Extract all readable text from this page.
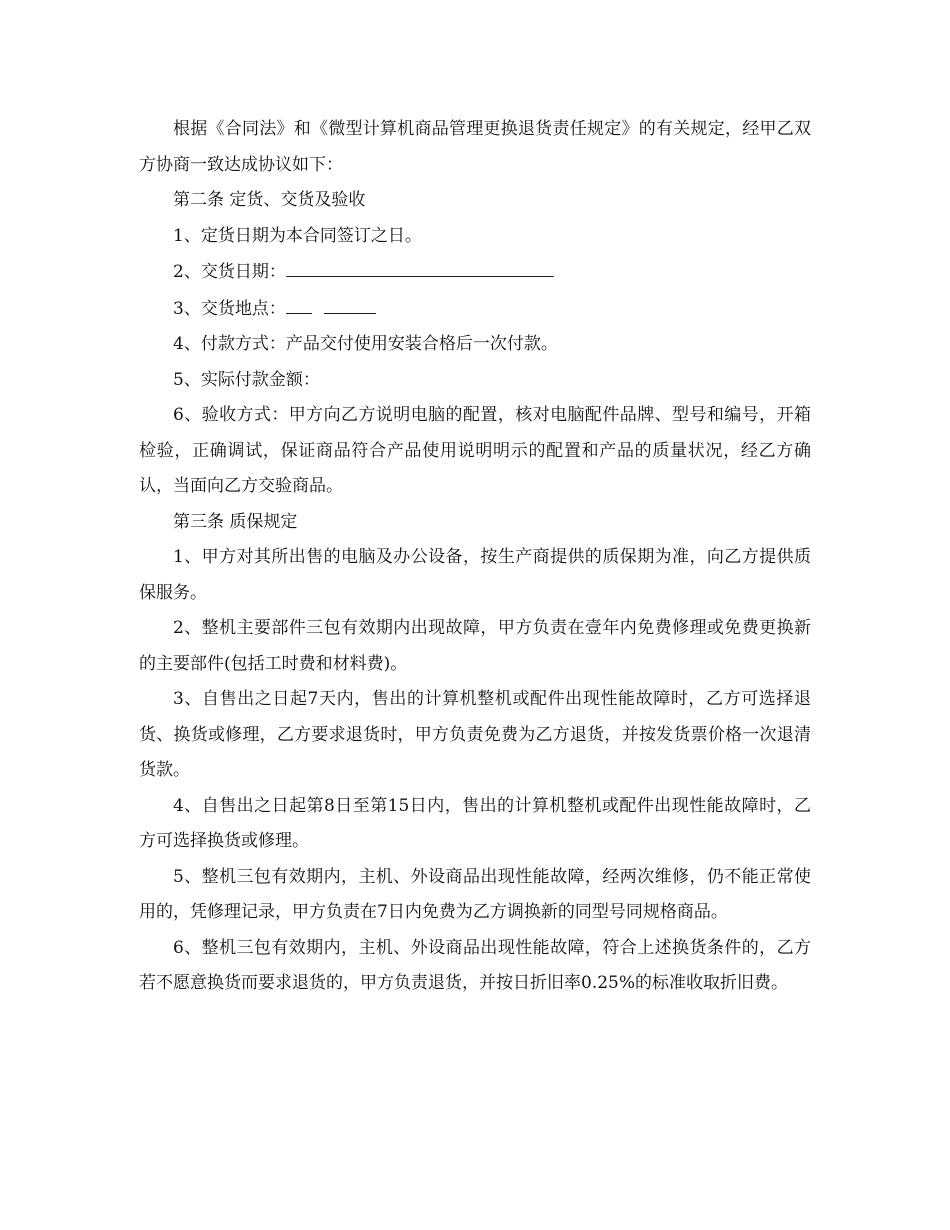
根据《合同法》和《微型计算机商品管理更换退货责任规定》的有关规定，经甲乙双方协商一致达成协议如下：

第二条 定货、交货及验收

1、定货日期为本合同签订之日。

2、交货日期：

3、交货地点：

4、付款方式：产品交付使用安装合格后一次付款。

5、实际付款金额：

6、验收方式：甲方向乙方说明电脑的配置，核对电脑配件品牌、型号和编号，开箱检验，正确调试，保证商品符合产品使用说明明示的配置和产品的质量状况，经乙方确认，当面向乙方交验商品。

第三条 质保规定

1、甲方对其所出售的电脑及办公设备，按生产商提供的质保期为准，向乙方提供质保服务。

2、整机主要部件三包有效期内出现故障，甲方负责在壹年内免费修理或免费更换新的主要部件(包括工时费和材料费)。

3、自售出之日起7天内，售出的计算机整机或配件出现性能故障时，乙方可选择退货、换货或修理，乙方要求退货时，甲方负责免费为乙方退货，并按发货票价格一次退清货款。

4、自售出之日起第8日至第15日内，售出的计算机整机或配件出现性能故障时，乙方可选择换货或修理。

5、整机三包有效期内，主机、外设商品出现性能故障，经两次维修，仍不能正常使用的，凭修理记录，甲方负责在7日内免费为乙方调换新的同型号同规格商品。

6、整机三包有效期内，主机、外设商品出现性能故障，符合上述换货条件的，乙方若不愿意换货而要求退货的，甲方负责退货，并按日折旧率0.25%的标准收取折旧费。
